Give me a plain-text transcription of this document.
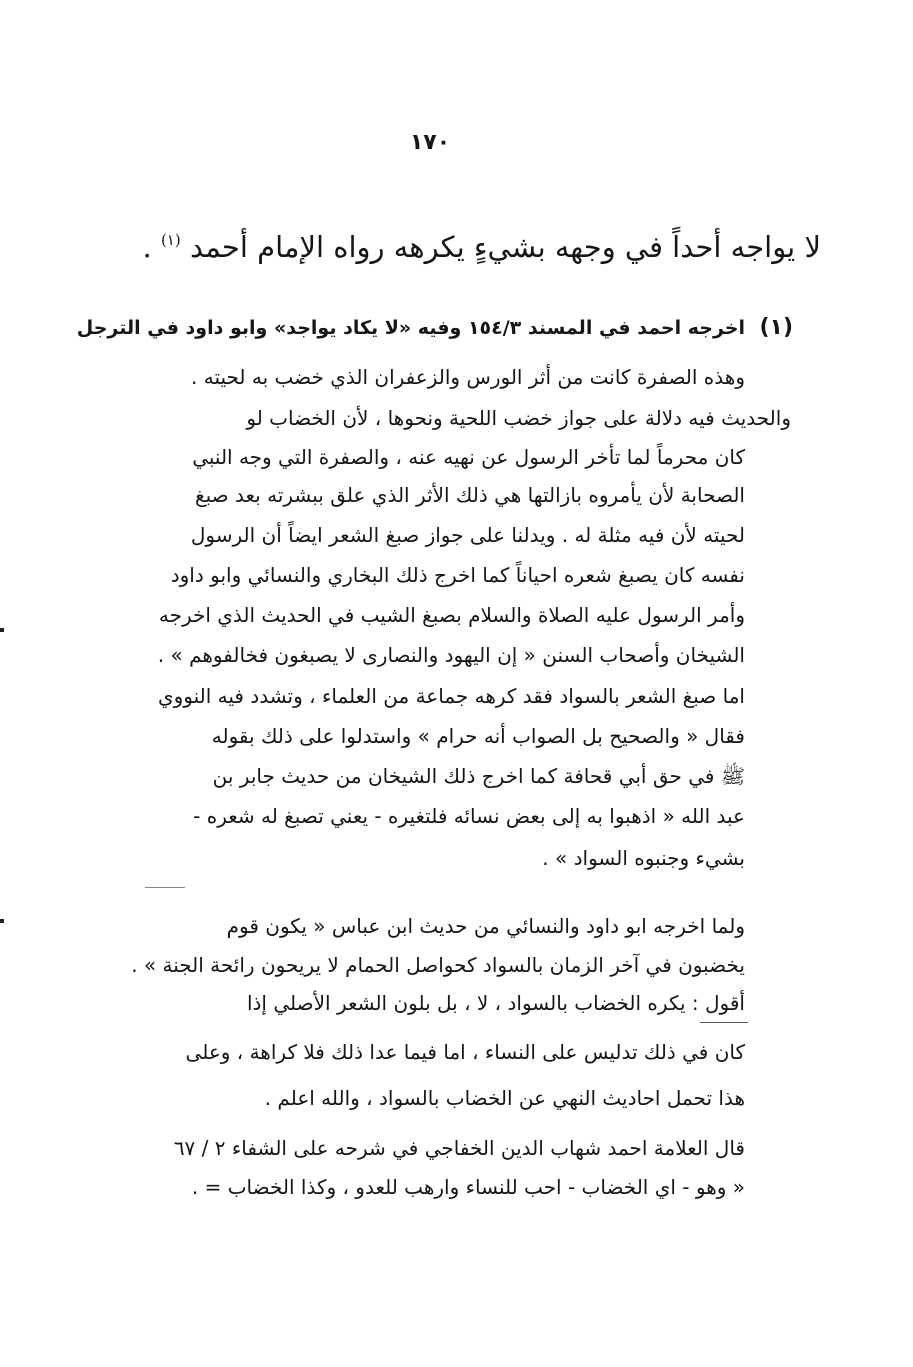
١٧٠
لا يواجه أحداً في وجهه بشيءٍ يكرهه رواه الإمام أحمد $^{(١)}$ .
(١)
اخرجه احمد في المسند ١٥٤/٣ وفيه «لا يكاد يواجد» وابو داود في الترجل
وهذه الصفرة كانت من أثر الورس والزعفران الذي خضب به لحيته .
والحديث فيه دلالة على جواز خضب اللحية ونحوها ، لأن الخضاب لو
كان محرماً لما تأخر الرسول عن نهيه عنه ، والصفرة التي وجه النبي
الصحابة لأن يأمروه بازالتها هي ذلك الأثر الذي علق ببشرته بعد صبغ
لحيته لأن فيه مثلة له . ويدلنا على جواز صبغ الشعر ايضاً أن الرسول
نفسه كان يصبغ شعره احياناً كما اخرج ذلك البخاري والنسائي وابو داود
وأمر الرسول عليه الصلاة والسلام بصبغ الشيب في الحديث الذي اخرجه
الشيخان وأصحاب السنن « إن اليهود والنصارى لا يصبغون فخالفوهم » .
اما صبغ الشعر بالسواد فقد كرهه جماعة من العلماء ، وتشدد فيه النووي
فقال « والصحيح بل الصواب أنه حرام » واستدلوا على ذلك بقوله
ﷺ في حق أبي قحافة كما اخرج ذلك الشيخان من حديث جابر بن
عبد الله « اذهبوا به إلى بعض نسائه فلتغيره - يعني تصبغ له شعره -
بشيء وجنبوه السواد » .
ولما اخرجه ابو داود والنسائي من حديث ابن عباس « يكون قوم
يخضبون في آخر الزمان بالسواد كحواصل الحمام لا يريحون رائحة الجنة » .
أقول : يكره الخضاب بالسواد ، لا ، بل بلون الشعر الأصلي إذا
كان في ذلك تدليس على النساء ، اما فيما عدا ذلك فلا كراهة ، وعلى
هذا تحمل احاديث النهي عن الخضاب بالسواد ، والله اعلم .
قال العلامة احمد شهاب الدين الخفاجي في شرحه على الشفاء ٢ / ٦٧
« وهو - اي الخضاب - احب للنساء وارهب للعدو ، وكذا الخضاب = .
